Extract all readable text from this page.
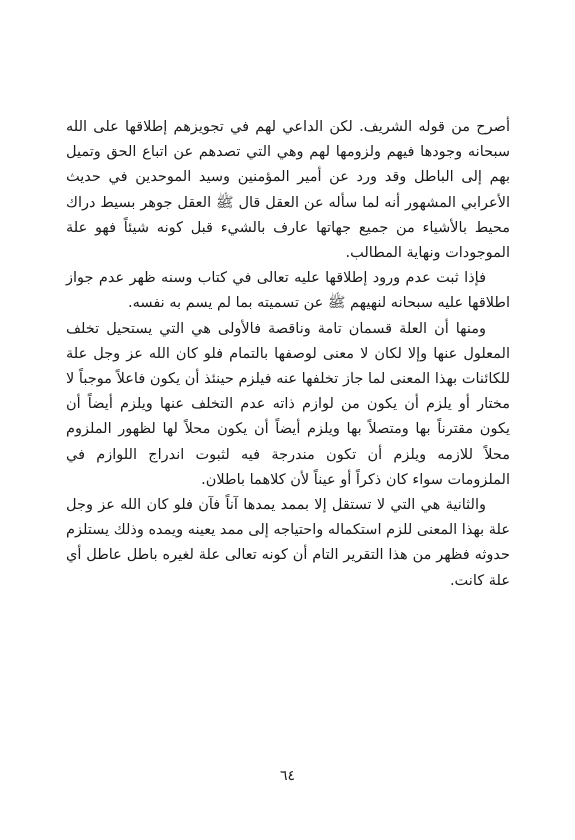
أصرح من قوله الشريف. لكن الداعي لهم في تجويزهم إطلاقها على الله سبحانه وجودها فيهم ولزومها لهم وهي التي تصدهم عن اتباع الحق وتميل بهم إلى الباطل وقد ورد عن أمير المؤمنين وسيد الموحدين في حديث الأعرابي المشهور أنه لما سأله عن العقل قال ﷺ العقل جوهر بسيط دراك محيط بالأشياء من جميع جهاتها عارف بالشيء قبل كونه شيئاً فهو علة الموجودات ونهاية المطالب.

فإذا ثبت عدم ورود إطلاقها عليه تعالى في كتاب وسنه ظهر عدم جواز اطلاقها عليه سبحانه لنهيهم ﷺ عن تسميته بما لم يسم به نفسه.

ومنها أن العلة قسمان تامة وناقصة فالأولى هي التي يستحيل تخلف المعلول عنها وإلا لكان لا معنى لوصفها بالتمام فلو كان الله عز وجل علة للكائنات بهذا المعنى لما جاز تخلفها عنه فيلزم حينئذ أن يكون فاعلاً موجباً لا مختار أو يلزم أن يكون من لوازم ذاته عدم التخلف عنها ويلزم أيضاً أن يكون مقترناً بها ومتصلاً بها ويلزم أيضاً أن يكون محلاً لها لظهور الملزوم محلاً للازمه ويلزم أن تكون مندرجة فيه لثبوت اندراج اللوازم في الملزومات سواء كان ذكراً أو عيناً لأن كلاهما باطلان.

والثانية هي التي لا تستقل إلا بممد يمدها آناً فآن فلو كان الله عز وجل علة بهذا المعنى للزم استكماله واحتياجه إلى ممد يعينه ويمده وذلك يستلزم حدوثه فظهر من هذا التقرير التام أن كونه تعالى علة لغيره باطل عاطل أي علة كانت.

٦٤
